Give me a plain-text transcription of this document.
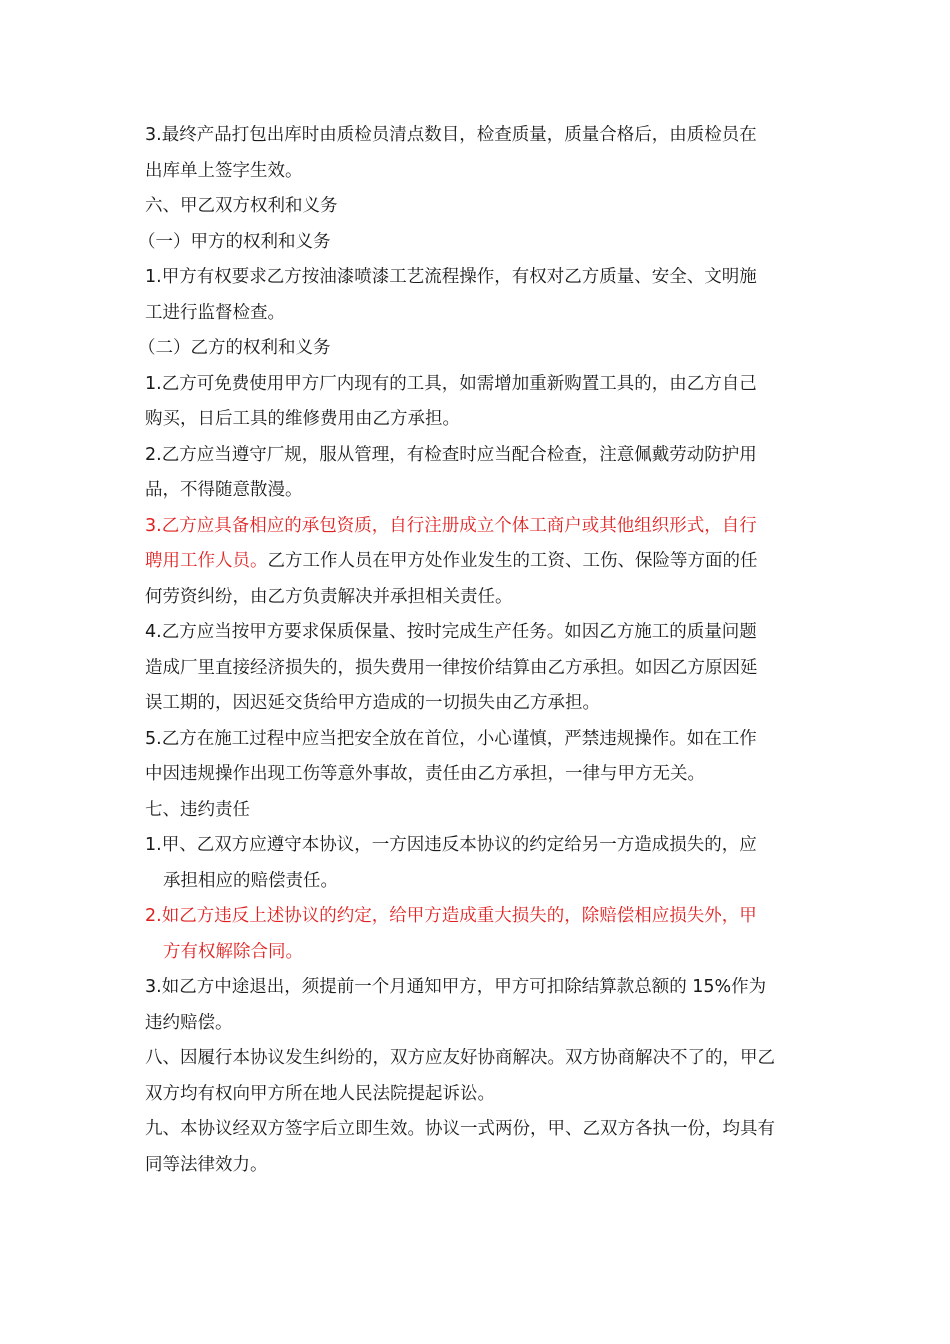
3.最终产品打包出库时由质检员清点数目，检查质量，质量合格后，由质检员在
出库单上签字生效。
六、甲乙双方权利和义务
（一）甲方的权利和义务
1.甲方有权要求乙方按油漆喷漆工艺流程操作，有权对乙方质量、安全、文明施
工进行监督检查。
（二）乙方的权利和义务
1.乙方可免费使用甲方厂内现有的工具，如需增加重新购置工具的，由乙方自己
购买，日后工具的维修费用由乙方承担。
2.乙方应当遵守厂规，服从管理，有检查时应当配合检查，注意佩戴劳动防护用
品，不得随意散漫。
3.乙方应具备相应的承包资质，自行注册成立个体工商户或其他组织形式，自行
聘用工作人员。乙方工作人员在甲方处作业发生的工资、工伤、保险等方面的任
何劳资纠纷，由乙方负责解决并承担相关责任。
4.乙方应当按甲方要求保质保量、按时完成生产任务。如因乙方施工的质量问题
造成厂里直接经济损失的，损失费用一律按价结算由乙方承担。如因乙方原因延
误工期的，因迟延交货给甲方造成的一切损失由乙方承担。
5.乙方在施工过程中应当把安全放在首位，小心谨慎，严禁违规操作。如在工作
中因违规操作出现工伤等意外事故，责任由乙方承担，一律与甲方无关。
七、违约责任
1.甲、乙双方应遵守本协议，一方因违反本协议的约定给另一方造成损失的，应
承担相应的赔偿责任。
2.如乙方违反上述协议的约定，给甲方造成重大损失的，除赔偿相应损失外，甲
方有权解除合同。
3.如乙方中途退出，须提前一个月通知甲方，甲方可扣除结算款总额的 15%作为
违约赔偿。
八、因履行本协议发生纠纷的，双方应友好协商解决。双方协商解决不了的，甲乙
双方均有权向甲方所在地人民法院提起诉讼。
九、本协议经双方签字后立即生效。协议一式两份，甲、乙双方各执一份，均具有
同等法律效力。
